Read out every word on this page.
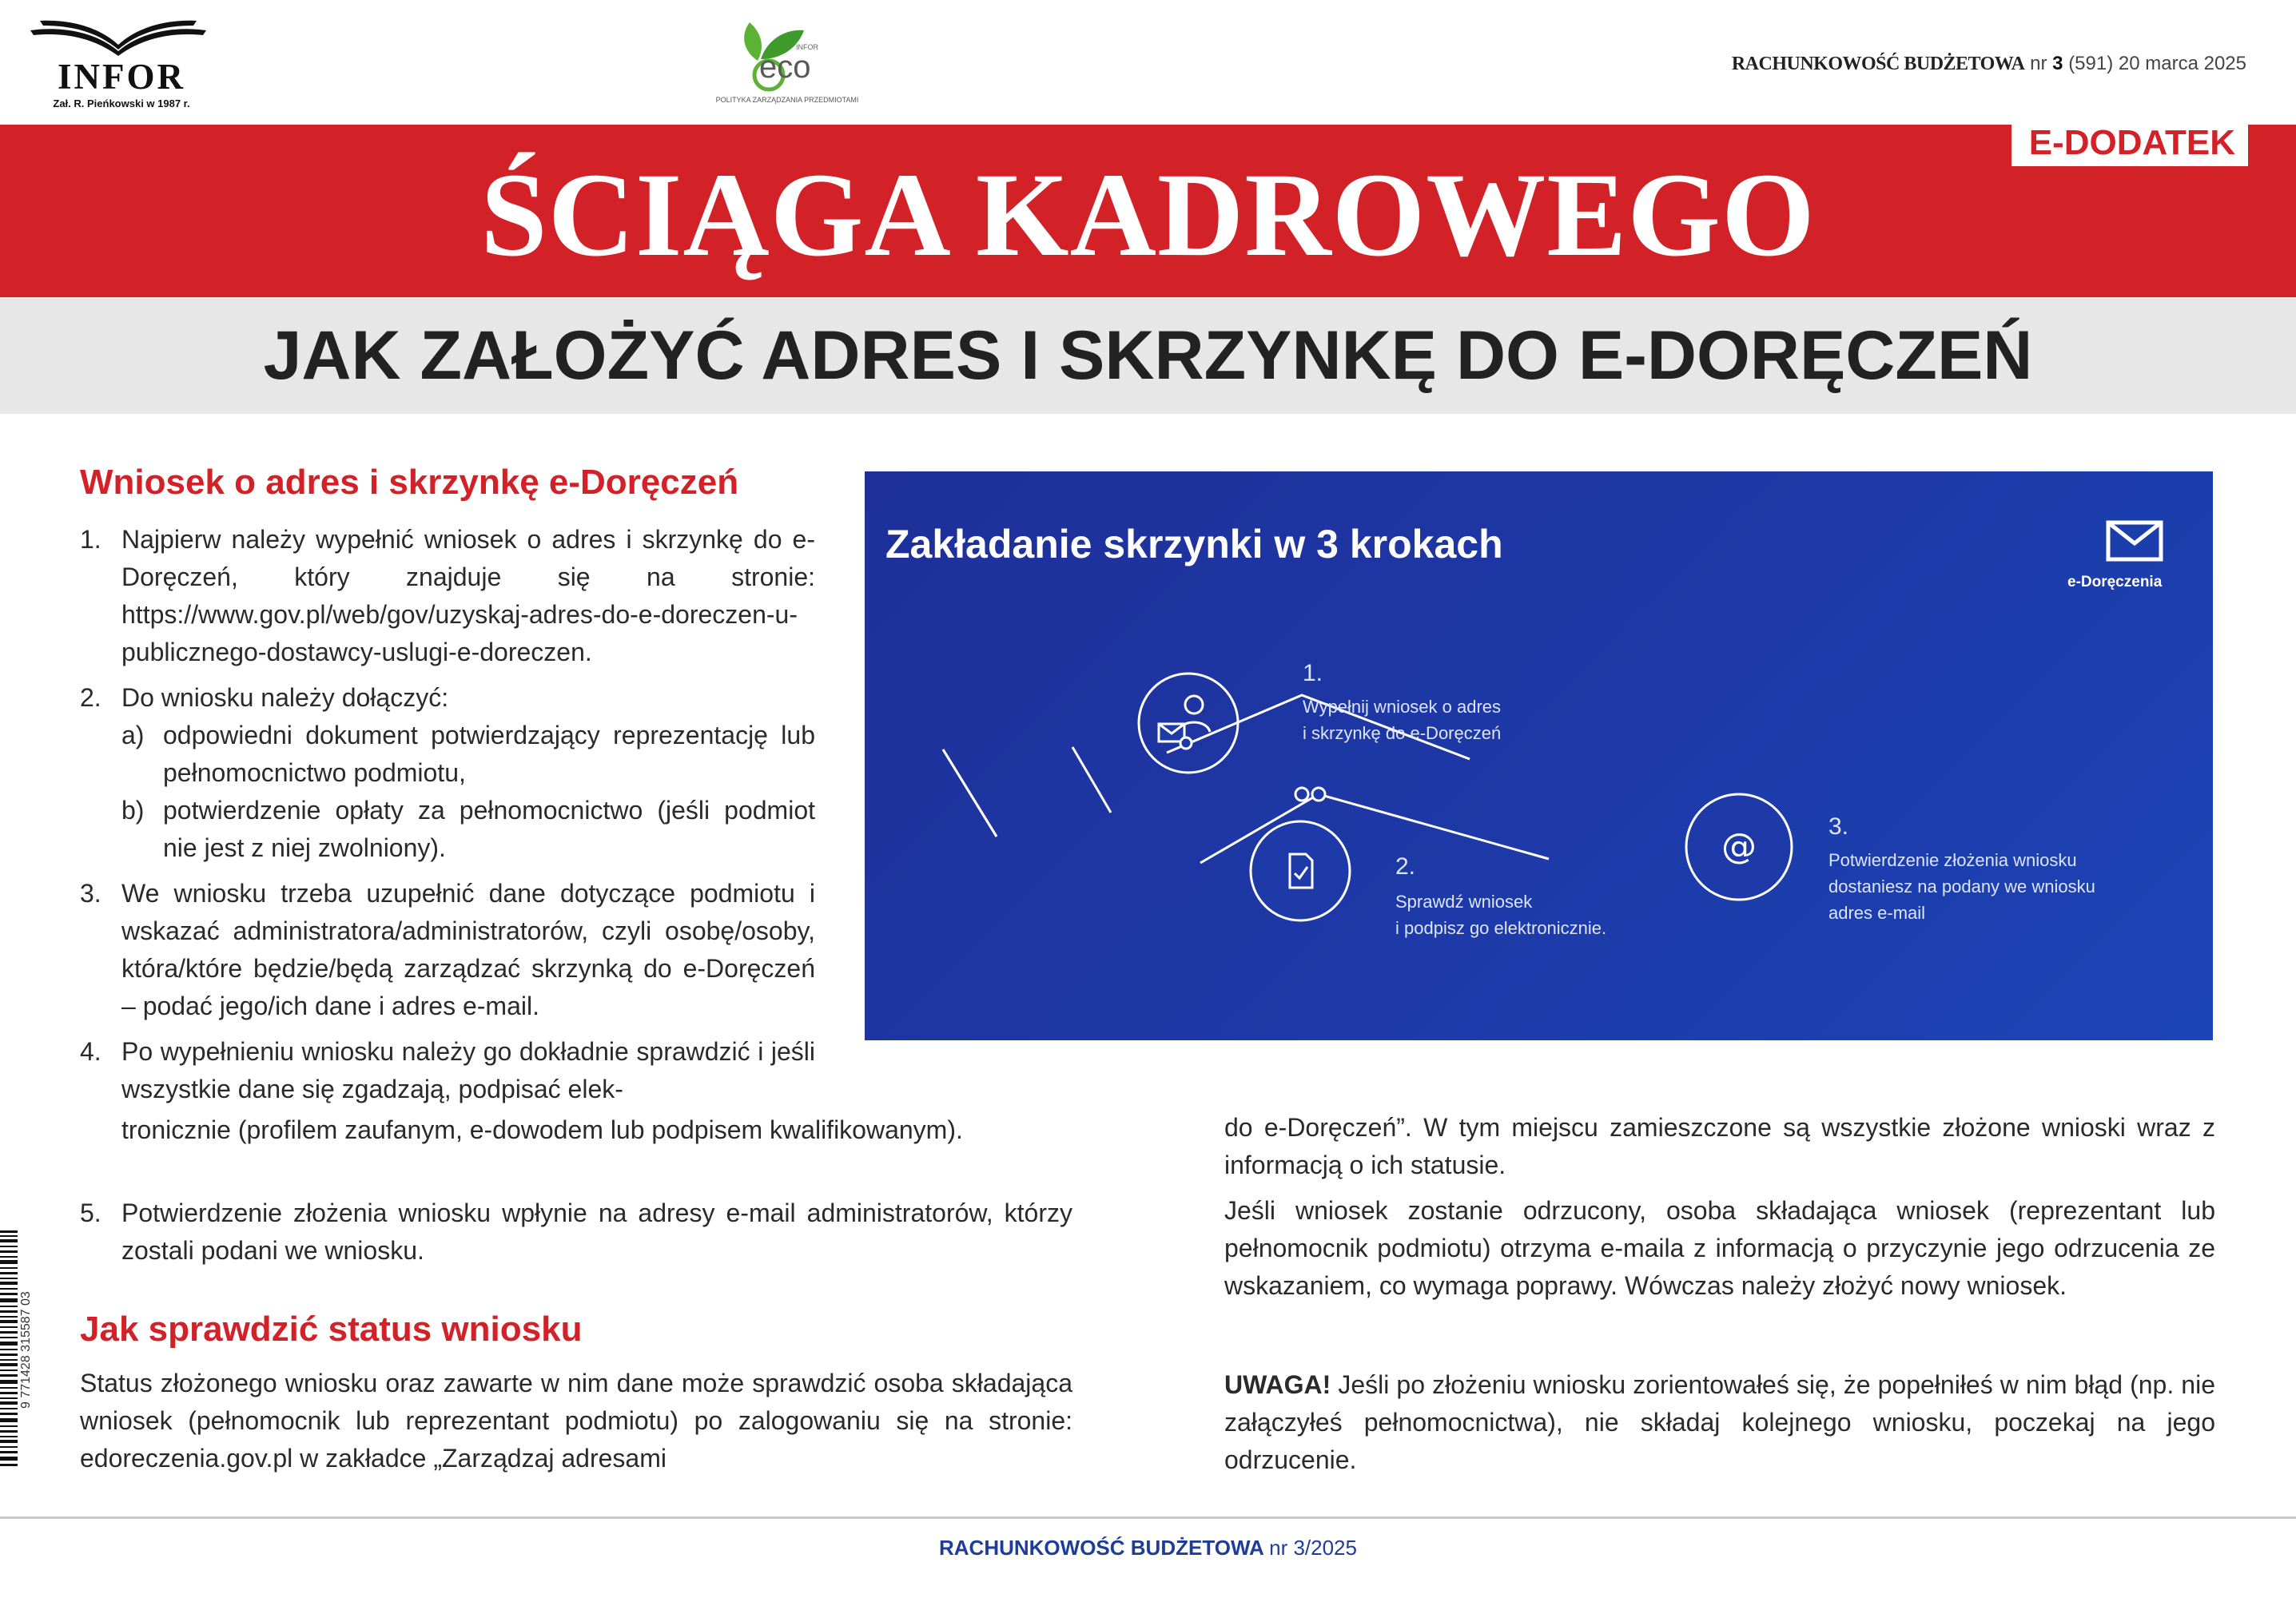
INFOR
Zał. R. Pieńkowski w 1987 r.
eco
INFOR
POLITYKA ZARZĄDZANIA PRZEDMIOTAMI
RACHUNKOWOŚĆ BUDŻETOWA nr 3 (591) 20 marca 2025
E-DODATEK
ŚCIĄGA KADROWEGO
JAK ZAŁOŻYĆ ADRES I SKRZYNKĘ DO E-DORĘCZEŃ
Wniosek o adres i skrzynkę e-Doręczeń
1. Najpierw należy wypełnić wniosek o adres i skrzynkę do e-Doręczeń, który znajduje się na stronie: https://www.gov.pl/web/gov/uzyskaj-adres-do-e-doreczen-u-publicznego-dostawcy-uslugi-e-doreczen.
2. Do wniosku należy dołączyć:
a) odpowiedni dokument potwierdzający reprezentację lub pełnomocnictwo podmiotu,
b) potwierdzenie opłaty za pełnomocnictwo (jeśli podmiot nie jest z niej zwolniony).
3. We wniosku trzeba uzupełnić dane dotyczące podmiotu i wskazać administratora/administratorów, czyli osobę/osoby, która/które będzie/będą zarządzać skrzynką do e-Doręczeń – podać jego/ich dane i adres e-mail.
4. Po wypełnieniu wniosku należy go dokładnie sprawdzić i jeśli wszystkie dane się zgadzają, podpisać elek-
tronicznie (profilem zaufanym, e-dowodem lub podpisem kwalifikowanym).
5. Potwierdzenie złożenia wniosku wpłynie na adresy e-mail administratorów, którzy zostali podani we wniosku.
Jak sprawdzić status wniosku
Status złożonego wniosku oraz zawarte w nim dane może sprawdzić osoba składająca wniosek (pełnomocnik lub reprezentant podmiotu) po zalogowaniu się na stronie: edoreczenia.gov.pl w zakładce „Zarządzaj adresami
do e-Doręczeń”. W tym miejscu zamieszczone są wszystkie złożone wnioski wraz z informacją o ich statusie.
Jeśli wniosek zostanie odrzucony, osoba składająca wniosek (reprezentant lub pełnomocnik podmiotu) otrzyma e-maila z informacją o przyczynie jego odrzucenia ze wskazaniem, co wymaga poprawy. Wówczas należy złożyć nowy wniosek.
UWAGA! Jeśli po złożeniu wniosku zorientowałeś się, że popełniłeś w nim błąd (np. nie załączyłeś pełnomocnictwa), nie składaj kolejnego wniosku, poczekaj na jego odrzucenie.
Zakładanie skrzynki w 3 krokach
@
e-Doręczenia
1.
Wypełnij wniosek o adres
i skrzynkę do e-Doręczeń
2.
Sprawdź wniosek
i podpisz go elektronicznie.
3.
Potwierdzenie złożenia wniosku
dostaniesz na podany we wniosku
adres e-mail
9 771428 315587 03
RACHUNKOWOŚĆ BUDŻETOWA nr 3/2025
